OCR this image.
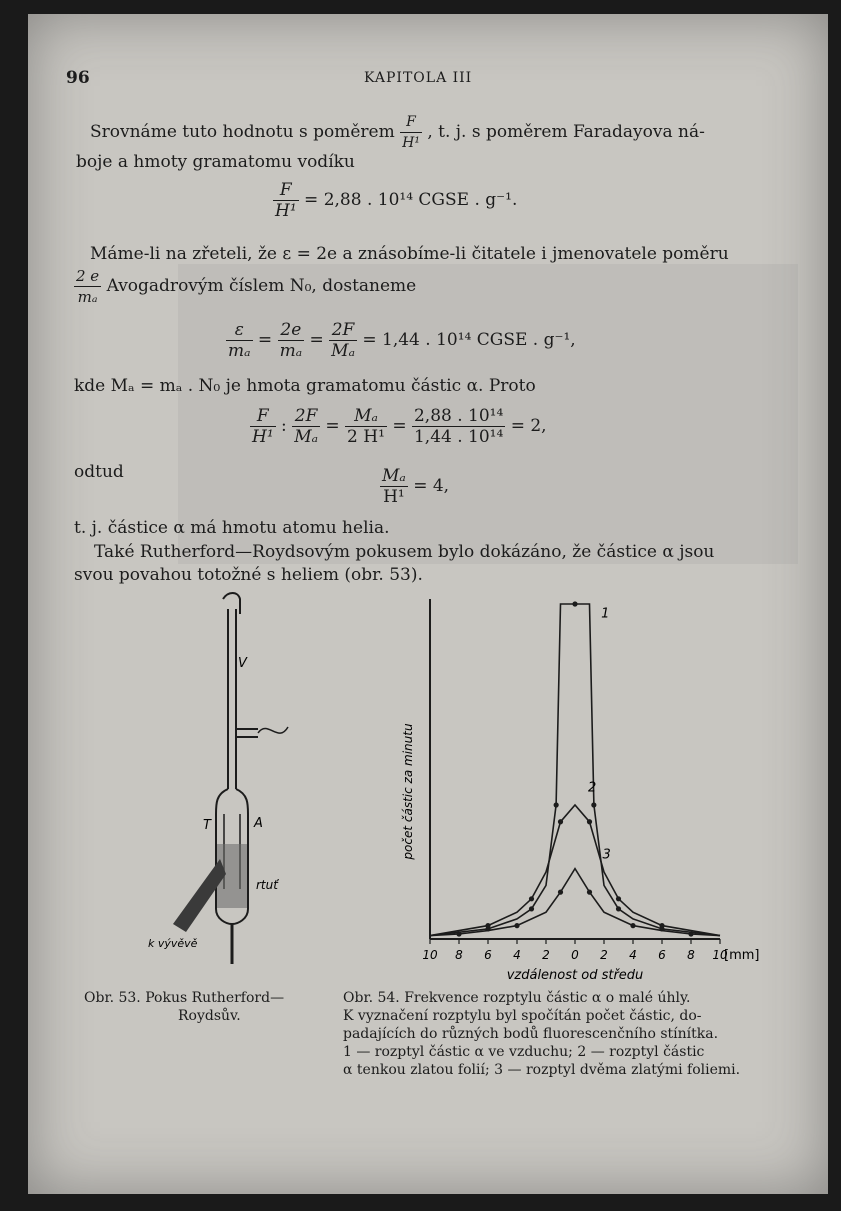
96	KAPITOLA III
Srovnáme tuto hodnotu s poměrem $\frac{F}{\text{H¹}}$ , t. j. s poměrem Faradayova ná-
boje a hmoty gramatomu vodíku
$\frac{F}{\text{H¹}} = 2,88$ . 10¹⁴ CGSE . g⁻¹.
Máme-li na zřeteli, že ε = 2e a znásobíme-li čitatele i jmenovatele poměru
$\frac{2 e}{\text{mₐ}}$ Avogadrovým číslem N₀, dostaneme
$\frac{\varepsilon}{\text{mₐ}} = \frac{2e}{\text{mₐ}} = \frac{2F}{\text{Mₐ}} = 1,44$ . 10¹⁴ CGSE . g⁻¹,
kde Mₐ = mₐ . N₀ je hmota gramatomu částic α. Proto
$\frac{F}{\text{H¹}}$ : $\frac{2F}{\text{Mₐ}} = \frac{\text{Mₐ}}{\text{2 H¹}} = \frac{\text{2,88 . 10¹⁴}}{\text{1,44 . 10¹⁴}} = 2$,
odtud	$\frac{\text{Mₐ}}{\text{H¹}} = 4$,
t. j. částice α má hmotu atomu helia.
Také Rutherford—Roydsovým pokusem bylo dokázáno, že částice α jsou
svou povahou totožné s heliem (obr. 53).
V
T	A
rtuť
k vývěvě
Obr. 53. Pokus Rutherford—
Roydsův.
10 8 6 4 2 0 2 4 6 8 10
počet částic za minutu
vzdálenost od středu
[mm]
1
2
3
Obr. 54. Frekvence rozptylu částic α o malé úhly.
K vyznačení rozptylu byl spočítán počet částic, do-
padajících do různých bodů fluorescenčního stínítka.
1 — rozptyl částic α ve vzduchu; 2 — rozptyl částic
α tenkou zlatou folií; 3 — rozptyl dvěma zlatými foliemi.
